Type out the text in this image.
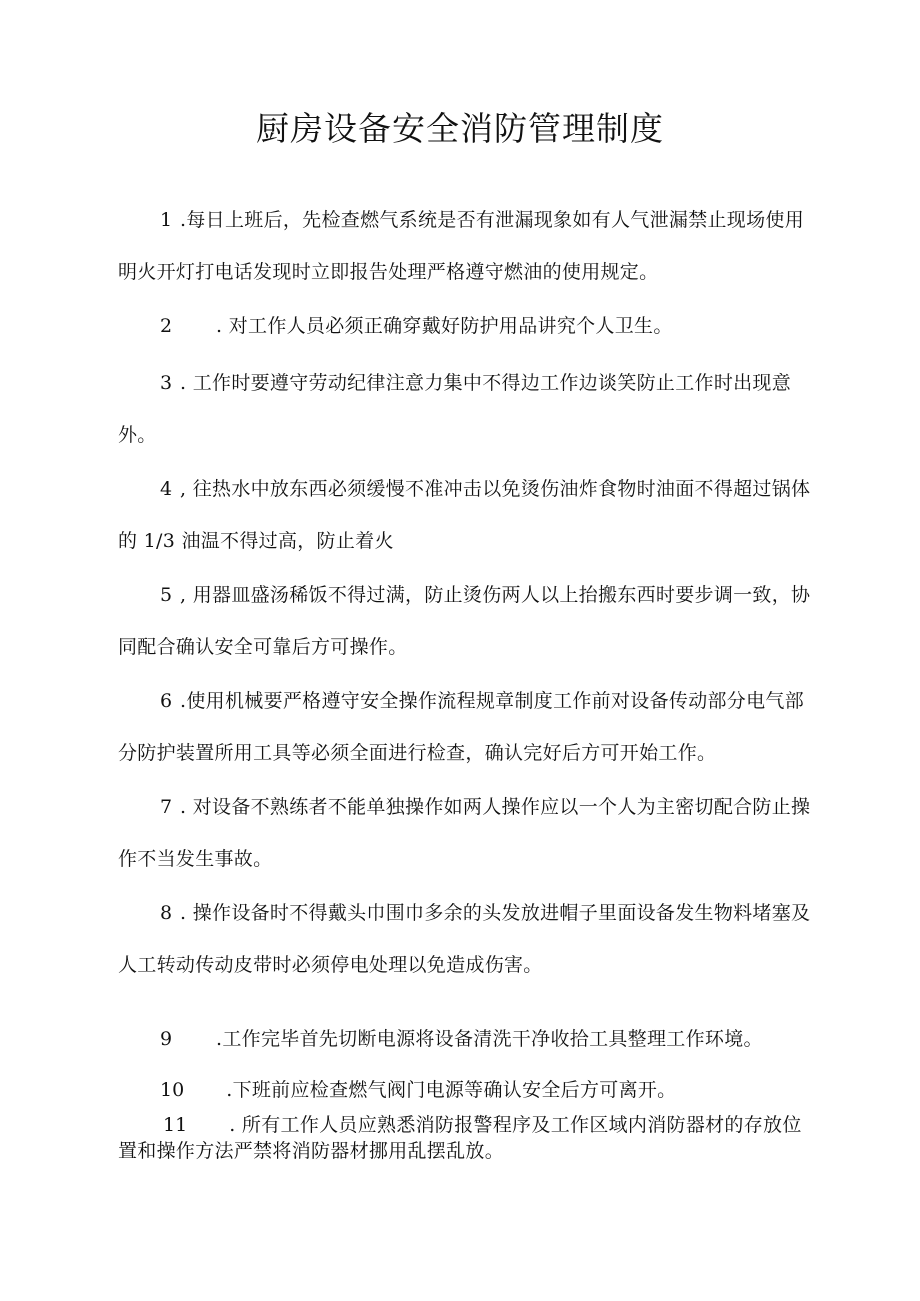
厨房设备安全消防管理制度
1 .每日上班后，先检查燃气系统是否有泄漏现象如有人气泄漏禁止现场使用明火开灯打电话发现时立即报告处理严格遵守燃油的使用规定。
2 . 对工作人员必须正确穿戴好防护用品讲究个人卫生。
3 . 工作时要遵守劳动纪律注意力集中不得边工作边谈笑防止工作时出现意外。
4 , 往热水中放东西必须缓慢不准冲击以免烫伤油炸食物时油面不得超过锅体的 1/3 油温不得过高，防止着火
5 , 用器皿盛汤稀饭不得过满，防止烫伤两人以上抬搬东西时要步调一致，协同配合确认安全可靠后方可操作。
6 .使用机械要严格遵守安全操作流程规章制度工作前对设备传动部分电气部分防护装置所用工具等必须全面进行检查，确认完好后方可开始工作。
7 . 对设备不熟练者不能单独操作如两人操作应以一个人为主密切配合防止操作不当发生事故。
8 . 操作设备时不得戴头巾围巾多余的头发放进帽子里面设备发生物料堵塞及人工转动传动皮带时必须停电处理以免造成伤害。
9 .工作完毕首先切断电源将设备清洗干净收拾工具整理工作环境。
10 .下班前应检查燃气阀门电源等确认安全后方可离开。
11 . 所有工作人员应熟悉消防报警程序及工作区域内消防器材的存放位置和操作方法严禁将消防器材挪用乱摆乱放。
